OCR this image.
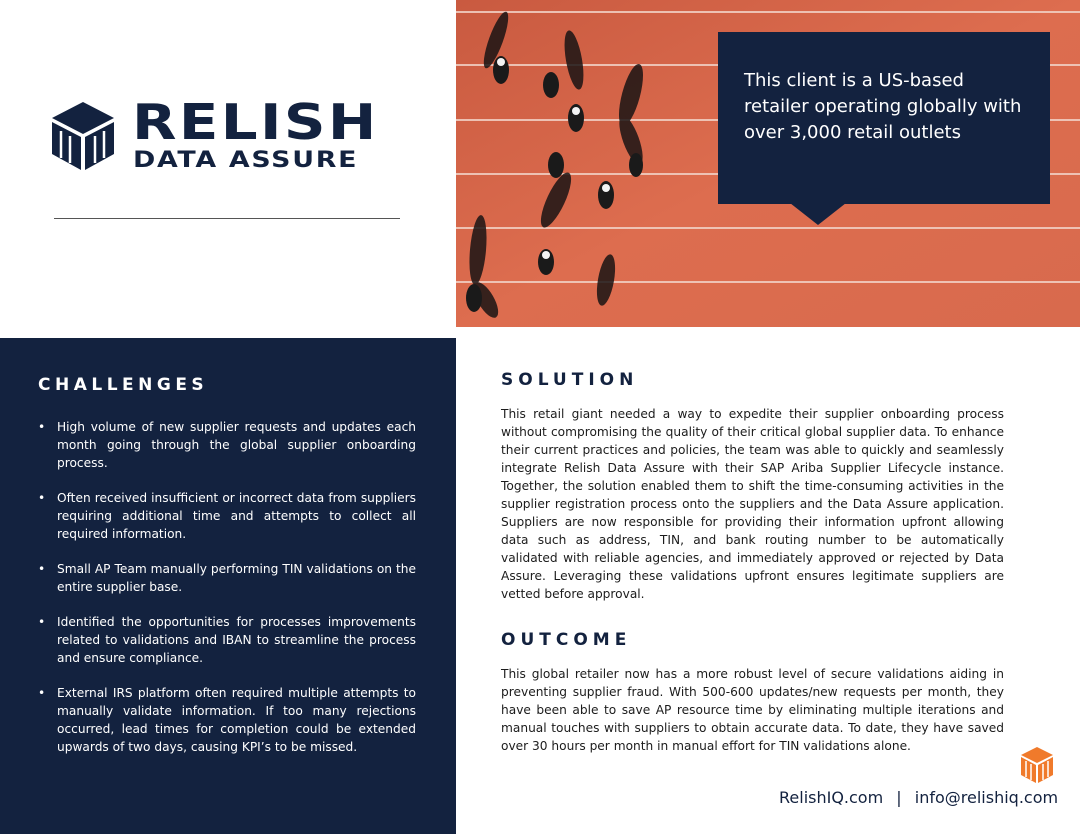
RELISH
DATA ASSURE
This client is a US-based retailer operating globally with over 3,000 retail outlets
CHALLENGES
• High volume of new supplier requests and updates each month going through the global supplier onboarding process.
• Often received insufficient or incorrect data from suppliers requiring additional time and attempts to collect all required information.
• Small AP Team manually performing TIN validations on the entire supplier base.
• Identified the opportunities for processes improvements related to validations and IBAN to streamline the process and ensure compliance.
• External IRS platform often required multiple attempts to manually validate information. If too many rejections occurred, lead times for completion could be extended upwards of two days, causing KPI’s to be missed.
SOLUTION
This retail giant needed a way to expedite their supplier onboarding process without compromising the quality of their critical global supplier data. To enhance their current practices and policies, the team was able to quickly and seamlessly integrate Relish Data Assure with their SAP Ariba Supplier Lifecycle instance. Together, the solution enabled them to shift the time-consuming activities in the supplier registration process onto the suppliers and the Data Assure application. Suppliers are now responsible for providing their information upfront allowing data such as address, TIN, and bank routing number to be automatically validated with reliable agencies, and immediately approved or rejected by Data Assure. Leveraging these validations upfront ensures legitimate suppliers are vetted before approval.
OUTCOME
This global retailer now has a more robust level of secure validations aiding in preventing supplier fraud. With 500-600 updates/new requests per month, they have been able to save AP resource time by eliminating multiple iterations and manual touches with suppliers to obtain accurate data. To date, they have saved over 30 hours per month in manual effort for TIN validations alone.
RelishIQ.com | info@relishiq.com
